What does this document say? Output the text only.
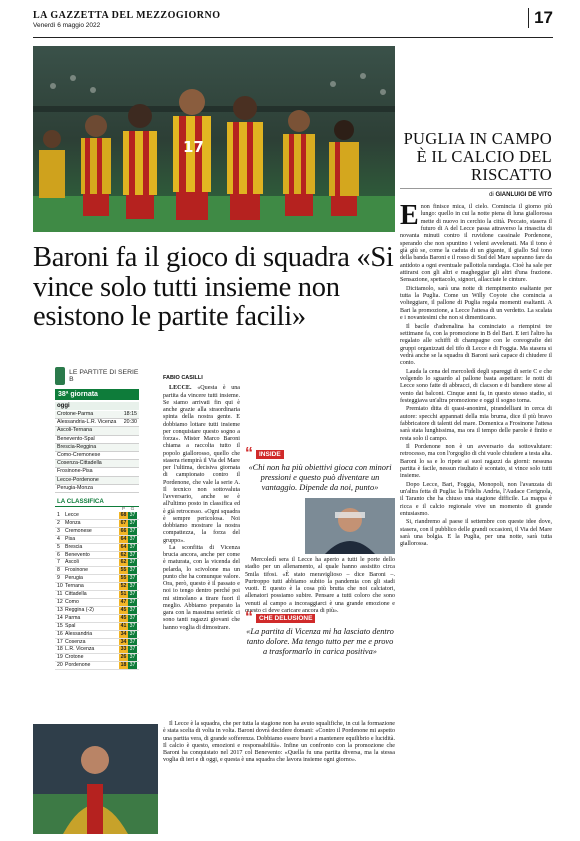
LA GAZZETTA DEL MEZZOGIORNO
Venerdì 6 maggio 2022	17
17	PUGLIA IN CAMPO È IL CALCIO DEL RISCATTO
di GIANLUIGI DE VITO
Baroni fa il gioco di squadra «Si vince solo tutti insieme non esistono le partite facili»
E non finisce mica, il cielo. Comincia il giorno più lungo: quello in cui la notte piena di luna giallorossa mette di nuovo in cerchio la città. Peccato, stasera il futuro di A del Lecce passa attraverso la rinascita di novanta minuti contro il ruvidone cassinale Pordenone, sperando che non spuntino i veleni avvelenati. Ma il tono è già giù se, come la caduta di un gigante, il giallo Sul tono della banda Baroni e il rosso di Sud del Mare sapranno fare da antidoto a ogni eventuale pallottola randagia. Cioè ha sale per attirarsi con gli altri e magheggiar gli altri d'una frazione. Sensazione, spettacolo, signori, allacciate le cinture.

Dicitamolo, sarà una notte di riempimento esaltante per tutta la Puglia. Come un Willy Coyote che cominciа a volteggiare, il pallone di Puglia regala momenti esaltanti. A Bari la promozione, a Lecce l'attesa di un verdetto. La scalata e i novantesimi che non si dimenticano.

Il bacile d'adrenalina ha cominciato a riempirsi tre settimane fa, con la promozione in B del Bari. E ieri l'altro ha regalato alle schiffi di champagne con le coreografie dei gruppi organizzati del tifo di Lecce e di Foggia. Ma stasera si vedrà anche se la squadra di Baroni sarà capace di chiudere il conto.

Lauda la cena del mercoledì degli spareggi di serie C e che volgendo lo sguardo al pallone basta aspettare: le notti di Lecce sono fatte di abbracci, di clacson e di bandiere stese al vento dai balconi. Cinque anni fa, in questo stesso stadio, si festeggiava un'altra promozione e oggi il sogno torna.

Premiato ditta di quasi-anonimi, pirandelliani in cerca di autore: specchi appannati della mia bruma, dice il più bravo fabbricatore di talenti del mare. Domenica a Frosinone l'attesa sarà stata lunghissima, ma ora il tempo delle parole è finito e resta solo il campo.

Il Pordenone non è un avversario da sottovalutare: retrocesso, ma con l'orgoglio di chi vuole chiudere a testa alta. Baroni lo sa e lo ripete ai suoi ragazzi da giorni: nessuna partita è facile, nessun risultato è scontato, si vince solo tutti insieme.

Dopo Lecce, Bari, Foggia, Monopoli, non l'avanzata di un'altra fetta di Puglia: la Fidelis Andria, l'Audace Cerignola, il Taranto che ha chiuso una stagione difficile. La mappa è ricca e il calcio regionale vive un momento di grande entusiasmo.

Si, riandremo al paese il settembre con queste idee dove, stasera, con il pubblico delle grandi occasioni, il Via del Mare sarà una bolgia. E la Puglia, per una notte, sarà tutta giallorossa.

LE PARTITE DI SERIE B
38ª giornata
oggi
Crotone-Parma	18:15
Alessandria-L.R. Vicenza 20:30
Ascoli-Ternana
Benevento-Spal
Brescia-Reggina
Como-Cremonese
Cosenza-Cittadella
Frosinone-Pisa
Lecce-Pordenone
Perugia-Monza
LA CLASSIFICA
P	G
1 Lecce	68 37
2 Monza	67 37
3 Cremonese	66 37
4 Pisa	64 37
5 Brescia	64 37
6 Benevento	62 37
7 Ascoli	62 37
8 Frosinone	55 37
9 Perugia	55 37
10 Ternana	52 37
11 Cittadella	51 37
12 Como	47 37
13 Reggina (-2)	45 37
14 Parma	45 37
15 Spal	41 37
16 Alessandria	34 37
17 Cosenza	34 37
18 L.R. Vicenza	33 37
19 Crotone	26 37
20 Pordenone	18 37
FABIO CASILLI

LECCE. «Questa è una partita da vincere tutti insieme. Se siamo arrivati fin qui è anche grazie alla straordinaria spinta della nostra gente. E dobbiamo lottare tutti insieme per conquistare questo sogno a forza». Mister Marco Baroni chiama a raccolta tutto il popolo giallorosso, quello che stasera riempirà il Via del Mare per l'ultima, decisiva giornata di campionato contro il Pordenone, che vale la serie A. Il tecnico non sottovaluta l'avversario, anche se è all'ultimo posto in classifica ed è già retrocesso. «Ogni squadra è sempre pericolosa. Noi dobbiamo mostrare la nostra compattezza, la forza del gruppo».

La sconfitta di Vicenza brucia ancora, anche per come è maturata, con la vicenda del pelarda, lo scivolone ma un punto che ha comunque valore. Ora, però, questo è il passato e noi io tengo dentro perché poi mi stimolano a tirare fuori il meglio. Abbiamo preparato la gara con la massima serietà: ci sono tanti ragazzi giovani che hanno voglia di dimostrare.

“ INSIDE
«Chi non ha più obiettivi gioca con minori pressioni e questo può diventare un vantaggio. Dipende da noi, punto»

Mercoledì sera il Lecce ha aperto a tutti le porte dello stadio per un allenamento, al quale hanno assistito circa 5mila tifosi. «È stato meraviglioso – dice Baroni –. Purtroppo tutti abbiamo subito la pandemia con gli stadi vuoti. E questo è la cosa più brutta che noi calciatori, allenatori possiamo subire. Pensare a tutti coloro che sono venuti al campo a incoraggiarci è una grande emozione e questo ci deve caricare ancora di più».

“ CHE DELUSIONE
«La partita di Vicenza mi ha lasciato dentro tanto dolore. Ma tengo tutto per me e provo a trasformarlo in carica positiva»

Il Lecce è la squadra, che per tutta la stagione non ha avuto squalifiche, in cui la formazione è stata scelta di volta in volta. Baroni dovrà decidere domani: «Contro il Pordenone mi aspetto una partita vera, di grande sofferenza. Dobbiamo essere bravi a mantenere equilibrio e lucidità. Il calcio è questo, emozioni e responsabilità». Infine un confronto con la promozione che Baroni ha conquistato nel 2017 col Benevento: «Quella fu una partita diversa, ma la stessa voglia di ieri e di oggi, e questa è una squadra che lavora insieme ogni giorno».
